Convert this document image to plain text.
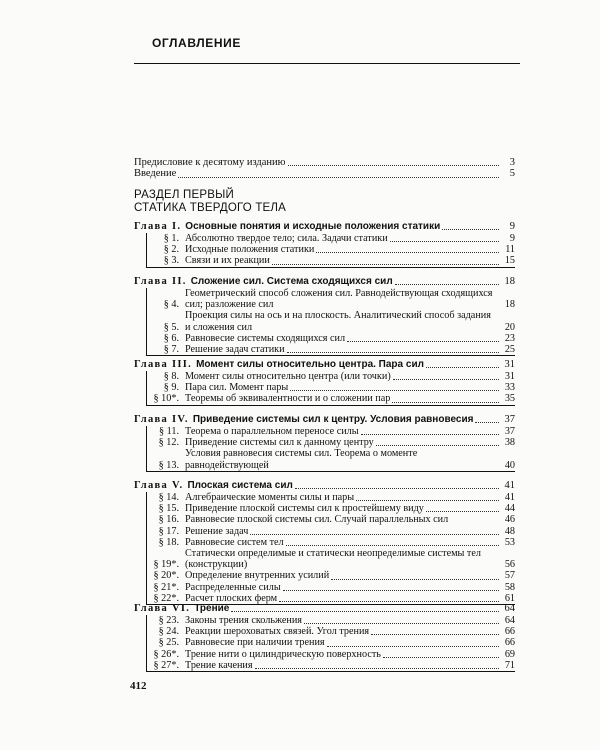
ОГЛАВЛЕНИЕ
Предисловие к десятому изданию	3
Введение	5
РАЗДЕЛ ПЕРВЫЙ
СТАТИКА ТВЕРДОГО ТЕЛА
Глава I. Основные понятия и исходные положения статики	9
§ 1. Абсолютно твердое тело; сила. Задачи статики	9
§ 2. Исходные положения статики	11
§ 3. Связи и их реакции	15
Глава II. Сложение сил. Система сходящихся сил	18
§ 4.
Геометрический способ сложения сил. Равнодействующая сходящихся сил; разложение сил	18
§ 5.
Проекция силы на ось и на плоскость. Аналитический способ задания и сложения сил	20
§ 6. Равновесие системы сходящихся сил	23
§ 7. Решение задач статики	25
Глава III. Момент силы относительно центра. Пара сил	31
§ 8. Момент силы относительно центра (или точки)	31
§ 9. Пара сил. Момент пары	33
§ 10*. Теоремы об эквивалентности и о сложении пар	35
Глава IV. Приведение системы сил к центру. Условия равновесия	37
§ 11. Теорема о параллельном переносе силы	37
§ 12. Приведение системы сил к данному центру	38
§ 13.
Условия равновесия системы сил. Теорема о моменте равнодействующей	40
Глава V. Плоская система сил	41
§ 14. Алгебраические моменты силы и пары	41
§ 15. Приведение плоской системы сил к простейшему виду	44
§ 16. Равновесие плоской системы сил. Случай параллельных сил	46
§ 17. Решение задач	48
§ 18. Равновесие систем тел	53
§ 19*.
Статически определимые и статически неопределимые системы тел (конструкции)	56
§ 20*. Определение внутренних усилий	57
§ 21*. Распределенные силы	58
§ 22*. Расчет плоских ферм	61
Глава VI. Трение	64
§ 23. Законы трения скольжения	64
§ 24. Реакции шероховатых связей. Угол трения	66
§ 25. Равновесие при наличии трения	66
§ 26*. Трение нити о цилиндрическую поверхность	69
§ 27*. Трение качения	71
412
